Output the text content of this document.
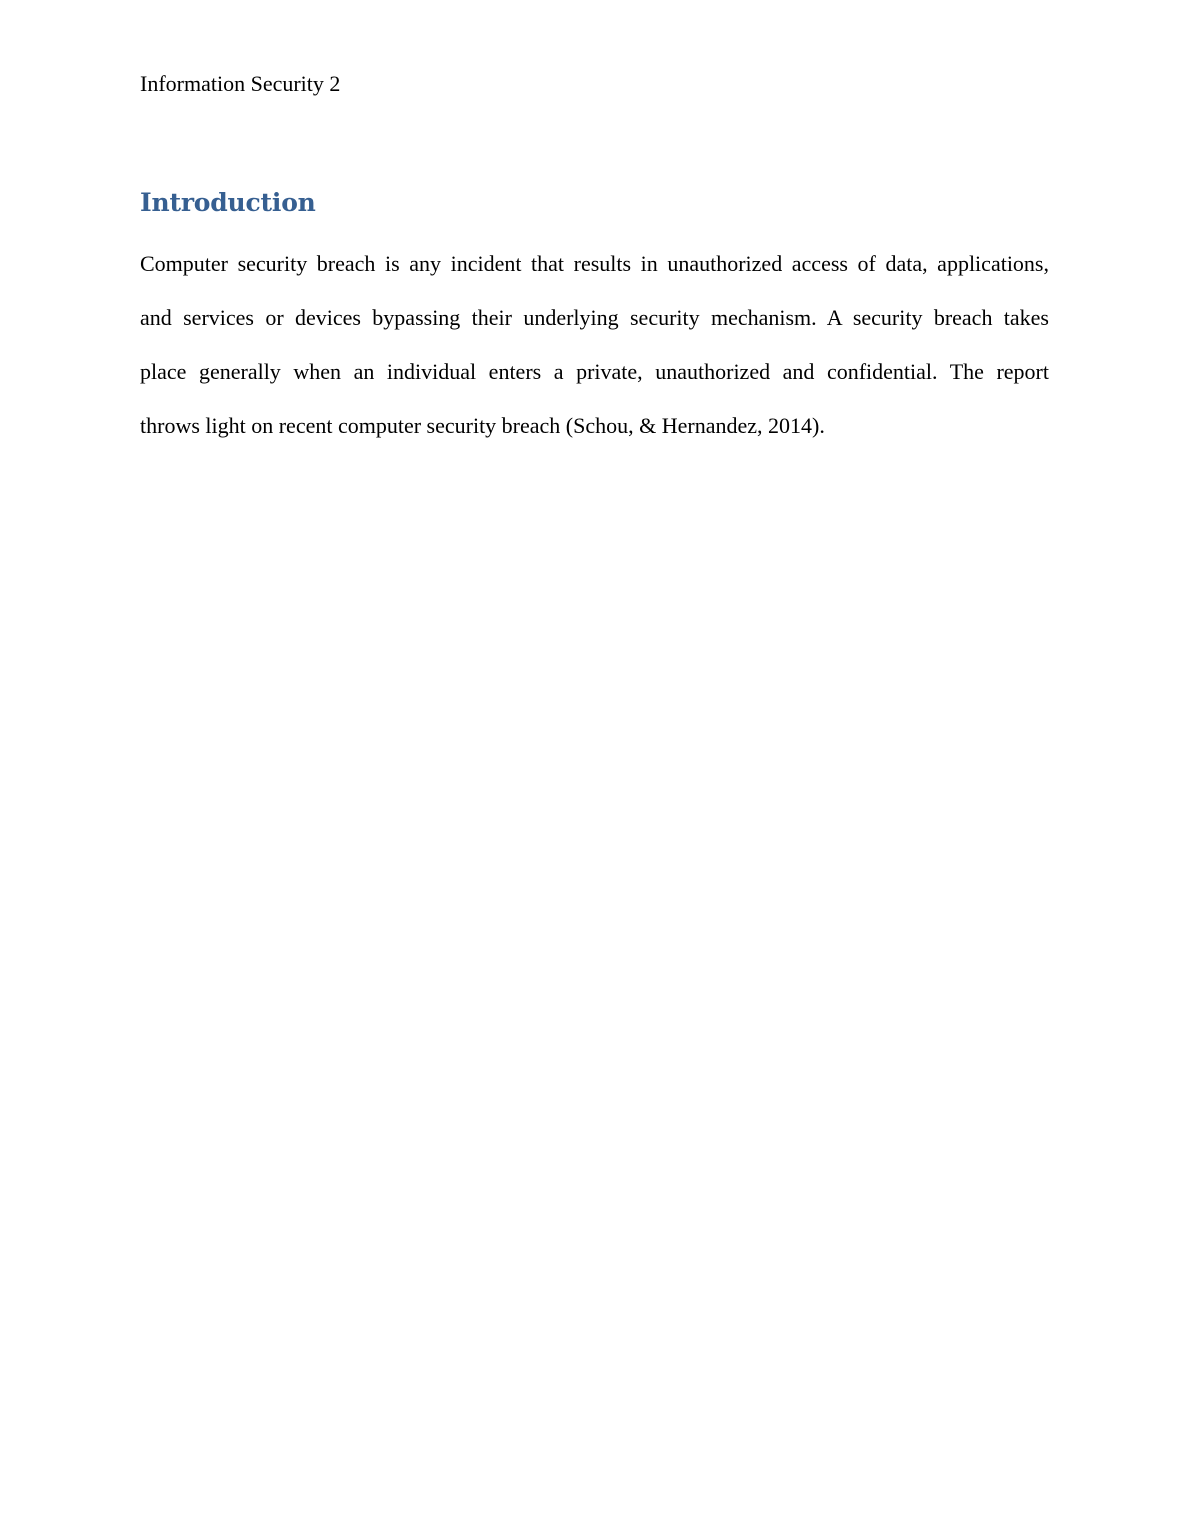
Information Security 2

Introduction
Computer security breach is any incident that results in unauthorized access of data, applications,
and services or devices bypassing their underlying security mechanism. A security breach takes
place generally when an individual enters a private, unauthorized and confidential. The report
throws light on recent computer security breach (Schou, & Hernandez, 2014).
